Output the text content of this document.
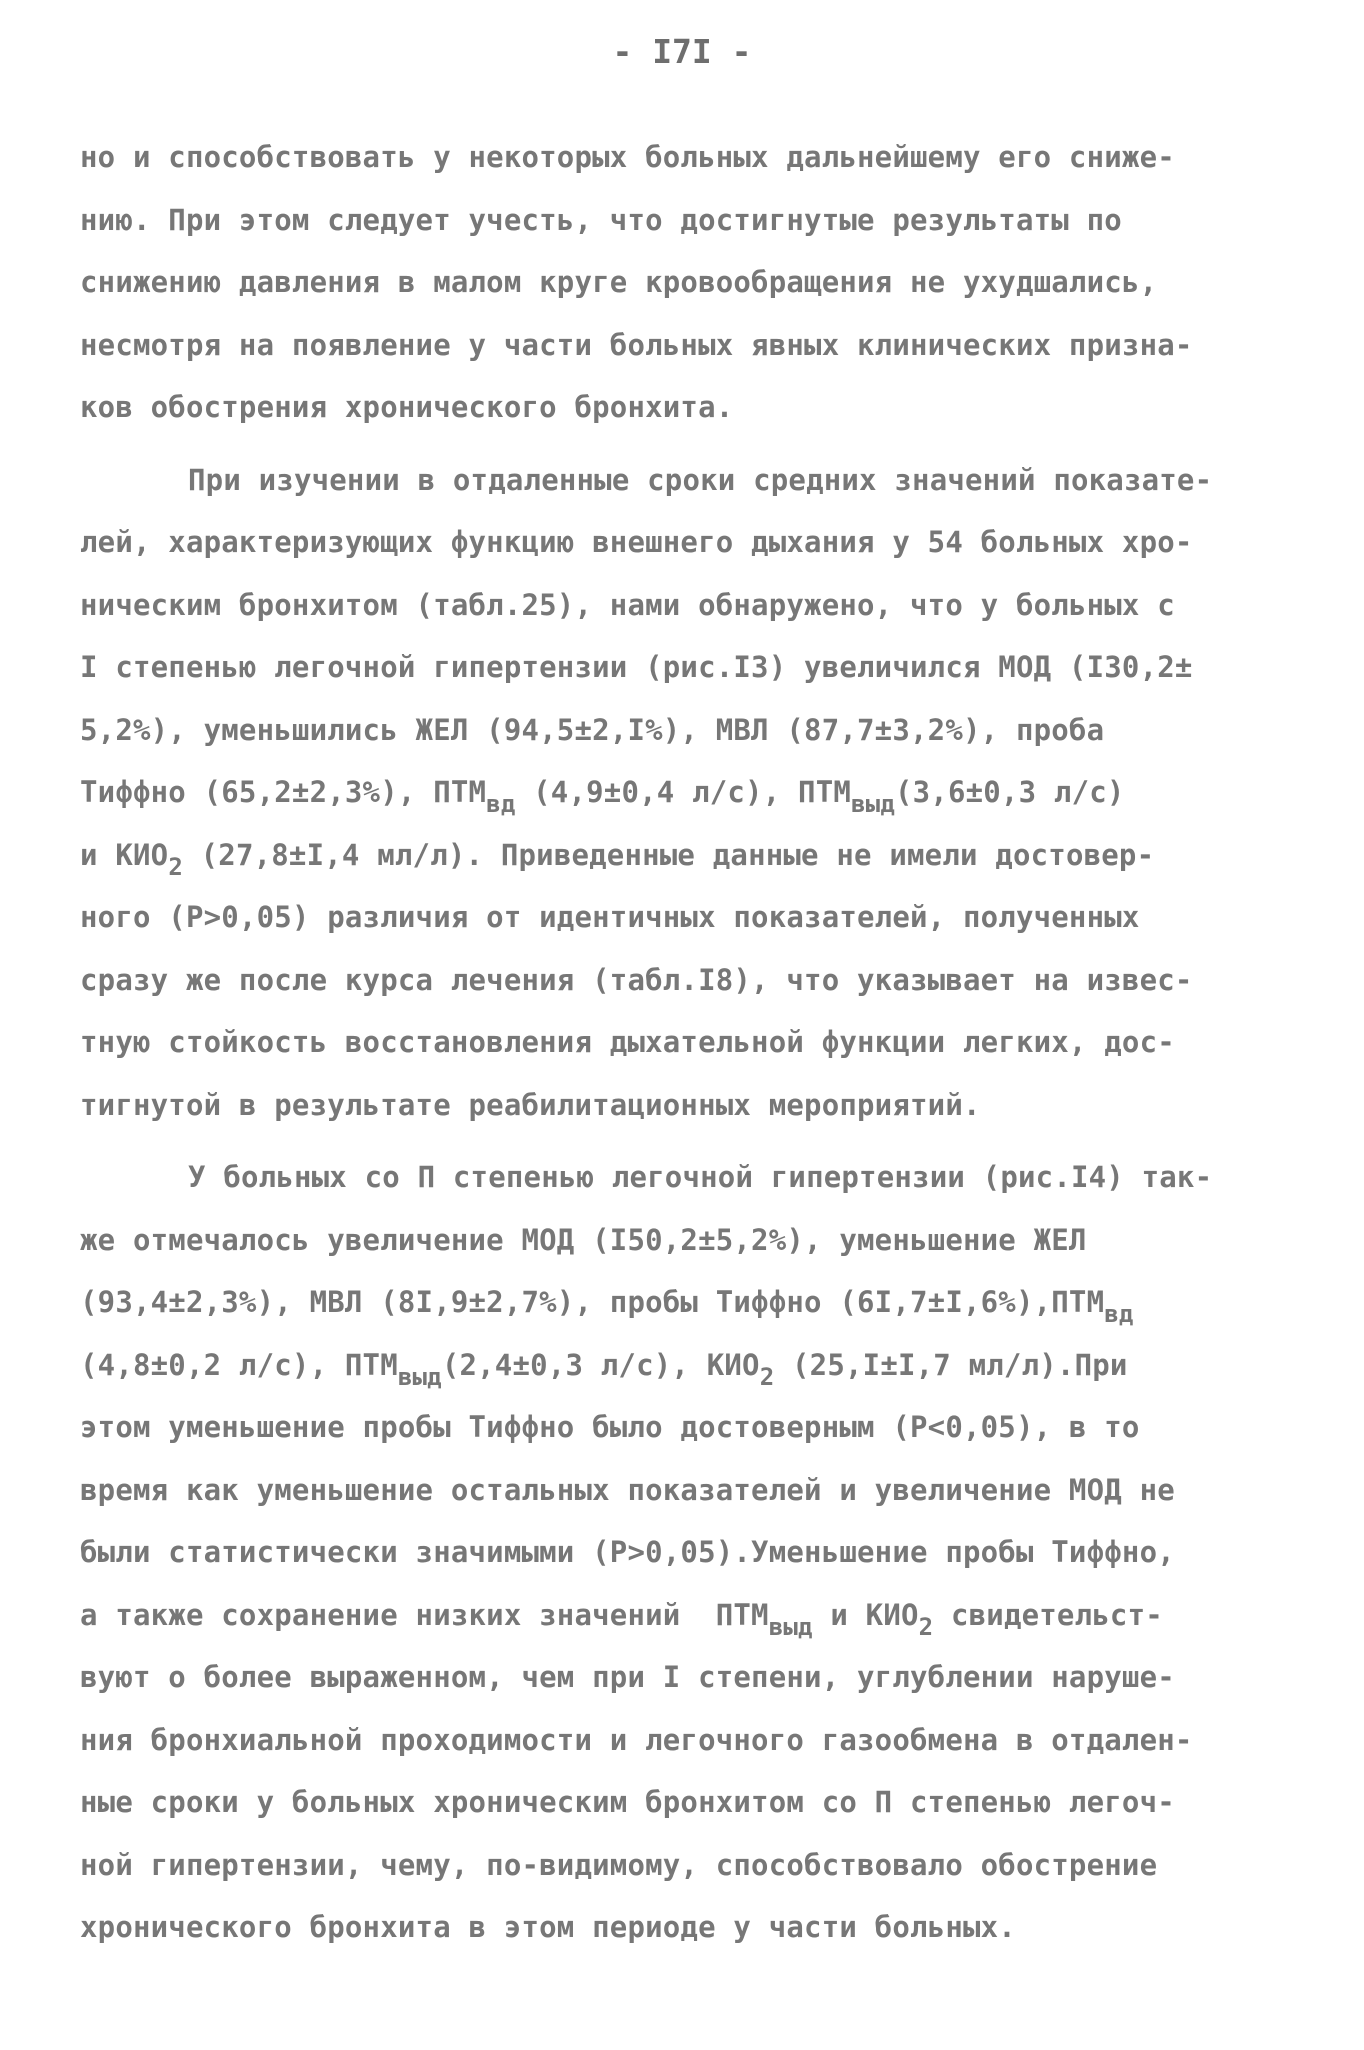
- I7I -
но и способствовать у некоторых больных дальнейшему его сниже-
нию. При этом следует учесть, что достигнутые результаты по
снижению давления в малом круге кровообращения не ухудшались,
несмотря на появление у части больных явных клинических призна-
ков обострения хронического бронхита.
При изучении в отдаленные сроки средних значений показате-
лей, характеризующих функцию внешнего дыхания у 54 больных хро-
ническим бронхитом (табл.25), нами обнаружено, что у больных с
I степенью легочной гипертензии (рис.I3) увеличился МОД (I30,2±
5,2%), уменьшились ЖЕЛ (94,5±2,I%), МВЛ (87,7±3,2%), проба
Тиффно (65,2±2,3%), $ПТМ_{вд}$ (4,9±0,4 л/с), $ПТМ_{выд}(3,6\pm 0,3$ л/с)
и $КИО_2$ (27,8±I,4 мл/л). Приведенные данные не имели достовер-
ного (Р>0,05) различия от идентичных показателей, полученных
сразу же после курса лечения (табл.I8), что указывает на извес-
тную стойкость восстановления дыхательной функции легких, дос-
тигнутой в результате реабилитационных мероприятий.
У больных со П степенью легочной гипертензии (рис.I4) так-
же отмечалось увеличение МОД (I50,2±5,2%), уменьшение ЖЕЛ
(93,4±2,3%), МВЛ (8I,9±2,7%), пробы Тиффно $(6I,7\pm I,6\%),ПТМ_{вд}$
(4,8±0,2 л/с), $ПТМ_{выд}(2,4\pm 0,3$ л/с), $КИО_2$ (25,I±I,7 мл/л).При
этом уменьшение пробы Тиффно было достоверным (Р<0,05), в то
время как уменьшение остальных показателей и увеличение МОД не
были статистически значимыми (Р>0,05).Уменьшение пробы Тиффно,
а также сохранение низких значений  $ПТМ_{выд}$ и $КИО_2$ свидетельст-
вуют о более выраженном, чем при I степени, углублении наруше-
ния бронхиальной проходимости и легочного газообмена в отдален-
ные сроки у больных хроническим бронхитом со П степенью легоч-
ной гипертензии, чему, по-видимому, способствовало обострение
хронического бронхита в этом периоде у части больных.
